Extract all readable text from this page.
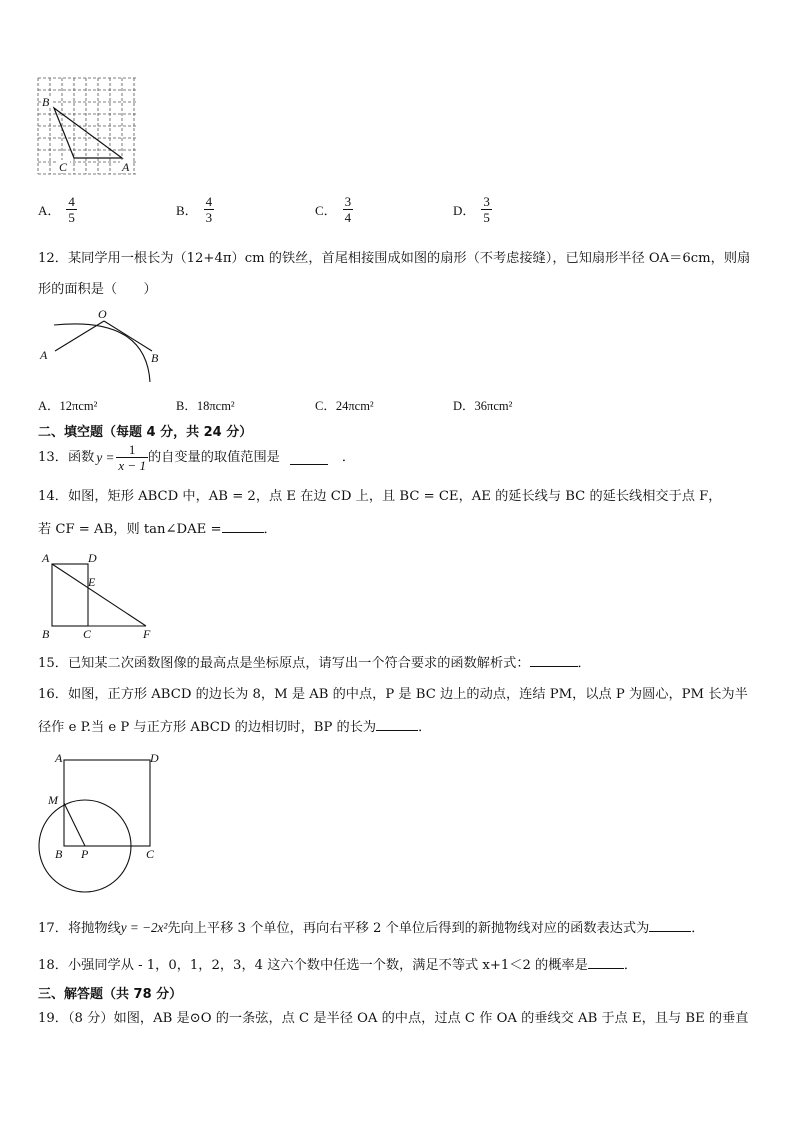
B
C	A
A． $\frac{4}{5}$	B． $\frac{4}{3}$	C． $\frac{3}{4}$	D． $\frac{3}{5}$
12．某同学用一根长为（12+4π）cm 的铁丝，首尾相接围成如图的扇形（不考虑接缝），已知扇形半径 OA＝6cm，则扇
形的面积是（　　）
O
A	B
A．12πcm²	B．18πcm²	C．24πcm²	D．36πcm²
二、填空题（每题 4 分，共 24 分）
13．函数 $y = \frac{1}{x - 1}$ 的自变量的取值范围是	．
14．如图，矩形 ABCD 中，AB = 2，点 E 在边 CD 上，且 BC = CE，AE 的延长线与 BC 的延长线相交于点 F，
若 CF = AB，则 tan∠DAE =	．
A	D
E
B	C	F
15．已知某二次函数图像的最高点是坐标原点，请写出一个符合要求的函数解析式：	．
16．如图，正方形 ABCD 的边长为 8，M 是 AB 的中点，P 是 BC 边上的动点，连结 PM，以点 P 为圆心，PM 长为半
径作 e P.当 e P 与正方形 ABCD 的边相切时，BP 的长为	．
A	D
M
B P	C
17．将抛物线y = −2x²先向上平移 3 个单位，再向右平移 2 个单位后得到的新抛物线对应的函数表达式为	．
18．小强同学从 - 1，0，1，2，3，4 这六个数中任选一个数，满足不等式 x+1＜2 的概率是	．
三、解答题（共 78 分）
19．（8 分）如图，AB 是⊙O 的一条弦，点 C 是半径 OA 的中点，过点 C 作 OA 的垂线交 AB 于点 E，且与 BE 的垂直
